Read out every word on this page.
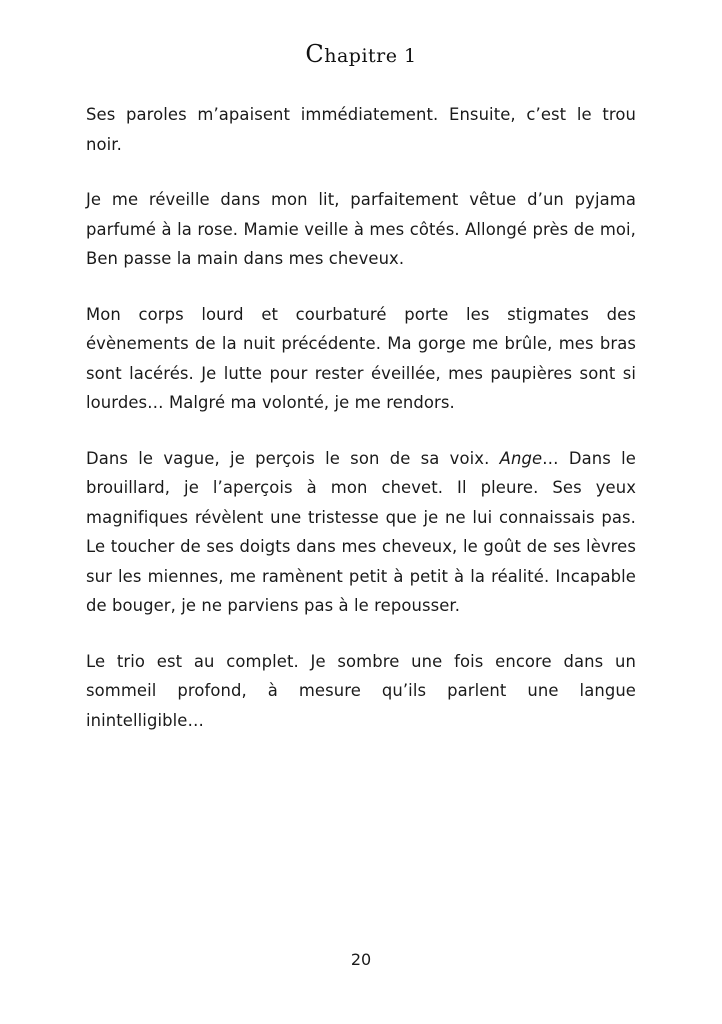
Chapitre 1

Ses paroles m’apaisent immédiatement. Ensuite, c’est le trou noir.

Je me réveille dans mon lit, parfaitement vêtue d’un pyjama parfumé à la rose. Mamie veille à mes côtés. Allongé près de moi, Ben passe la main dans mes cheveux.

Mon corps lourd et courbaturé porte les stigmates des évènements de la nuit précédente. Ma gorge me brûle, mes bras sont lacérés. Je lutte pour rester éveillée, mes paupières sont si lourdes… Malgré ma volonté, je me rendors.

Dans le vague, je perçois le son de sa voix. Ange… Dans le brouillard, je l’aperçois à mon chevet. Il pleure. Ses yeux magnifiques révèlent une tristesse que je ne lui connaissais pas. Le toucher de ses doigts dans mes cheveux, le goût de ses lèvres sur les miennes, me ramènent petit à petit à la réalité. Incapable de bouger, je ne parviens pas à le repousser.

Le trio est au complet. Je sombre une fois encore dans un sommeil profond, à mesure qu’ils parlent une langue inintelligible…

20
